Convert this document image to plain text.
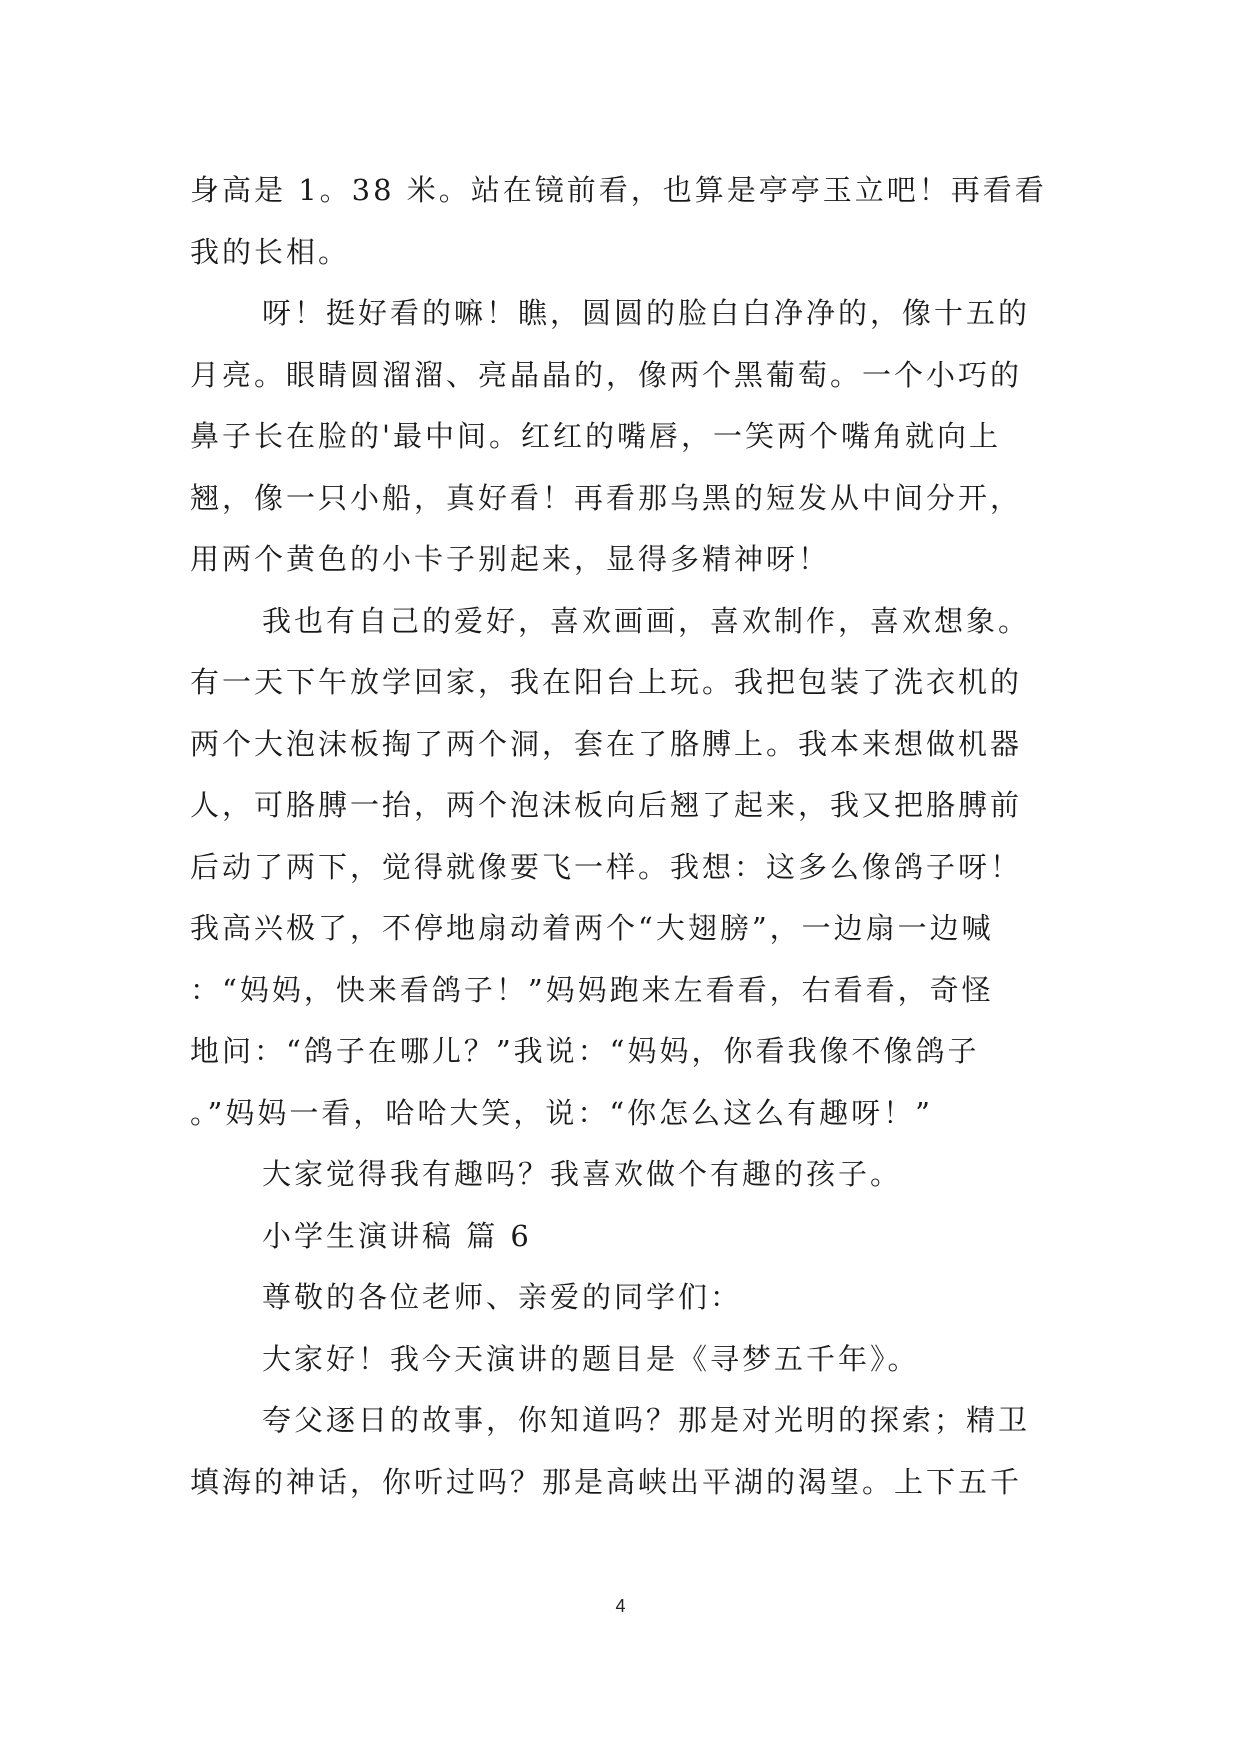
身高是 1。38 米。站在镜前看，也算是亭亭玉立吧！再看看
我的长相。
呀！挺好看的嘛！瞧，圆圆的脸白白净净的，像十五的
月亮。眼睛圆溜溜、亮晶晶的，像两个黑葡萄。一个小巧的
鼻子长在脸的'最中间。红红的嘴唇，一笑两个嘴角就向上
翘，像一只小船，真好看！再看那乌黑的短发从中间分开，
用两个黄色的小卡子别起来，显得多精神呀！
我也有自己的爱好，喜欢画画，喜欢制作，喜欢想象。
有一天下午放学回家，我在阳台上玩。我把包装了洗衣机的
两个大泡沫板掏了两个洞，套在了胳膊上。我本来想做机器
人，可胳膊一抬，两个泡沫板向后翘了起来，我又把胳膊前
后动了两下，觉得就像要飞一样。我想：这多么像鸽子呀！
我高兴极了，不停地扇动着两个“大翅膀”，一边扇一边喊
：“妈妈，快来看鸽子！”妈妈跑来左看看，右看看，奇怪
地问：“鸽子在哪儿？”我说：“妈妈，你看我像不像鸽子
。”妈妈一看，哈哈大笑，说：“你怎么这么有趣呀！”
大家觉得我有趣吗？我喜欢做个有趣的孩子。
小学生演讲稿 篇 6
尊敬的各位老师、亲爱的同学们：
大家好！我今天演讲的题目是《寻梦五千年》。
夸父逐日的故事，你知道吗？那是对光明的探索；精卫
填海的神话，你听过吗？那是高峡出平湖的渴望。上下五千
4
